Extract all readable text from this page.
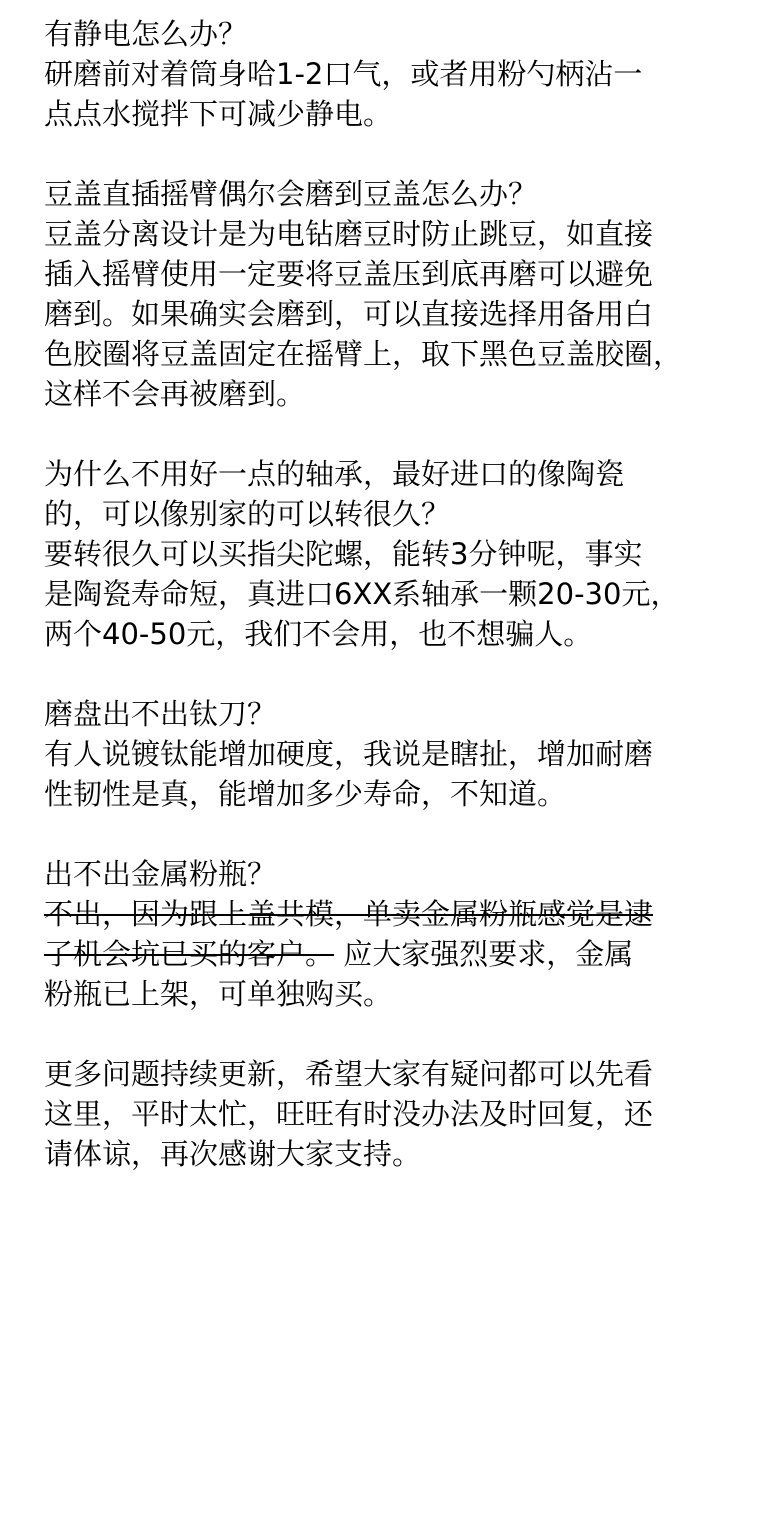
有静电怎么办？
研磨前对着筒身哈1-2口气，或者用粉勺柄沾一
点点水搅拌下可减少静电。
豆盖直插摇臂偶尔会磨到豆盖怎么办？
豆盖分离设计是为电钻磨豆时防止跳豆，如直接
插入摇臂使用一定要将豆盖压到底再磨可以避免
磨到。如果确实会磨到，可以直接选择用备用白
色胶圈将豆盖固定在摇臂上，取下黑色豆盖胶圈，
这样不会再被磨到。
为什么不用好一点的轴承，最好进口的像陶瓷
的，可以像别家的可以转很久？
要转很久可以买指尖陀螺，能转3分钟呢，事实
是陶瓷寿命短，真进口6XX系轴承一颗20-30元，
两个40-50元，我们不会用，也不想骗人。
磨盘出不出钛刀？
有人说镀钛能增加硬度，我说是瞎扯，增加耐磨
性韧性是真，能增加多少寿命，不知道。
出不出金属粉瓶？
不出，因为跟上盖共模，单卖金属粉瓶感觉是逮
了机会坑已买的客户。 应大家强烈要求，金属
粉瓶已上架，可单独购买。
更多问题持续更新，希望大家有疑问都可以先看
这里，平时太忙，旺旺有时没办法及时回复，还
请体谅，再次感谢大家支持。
